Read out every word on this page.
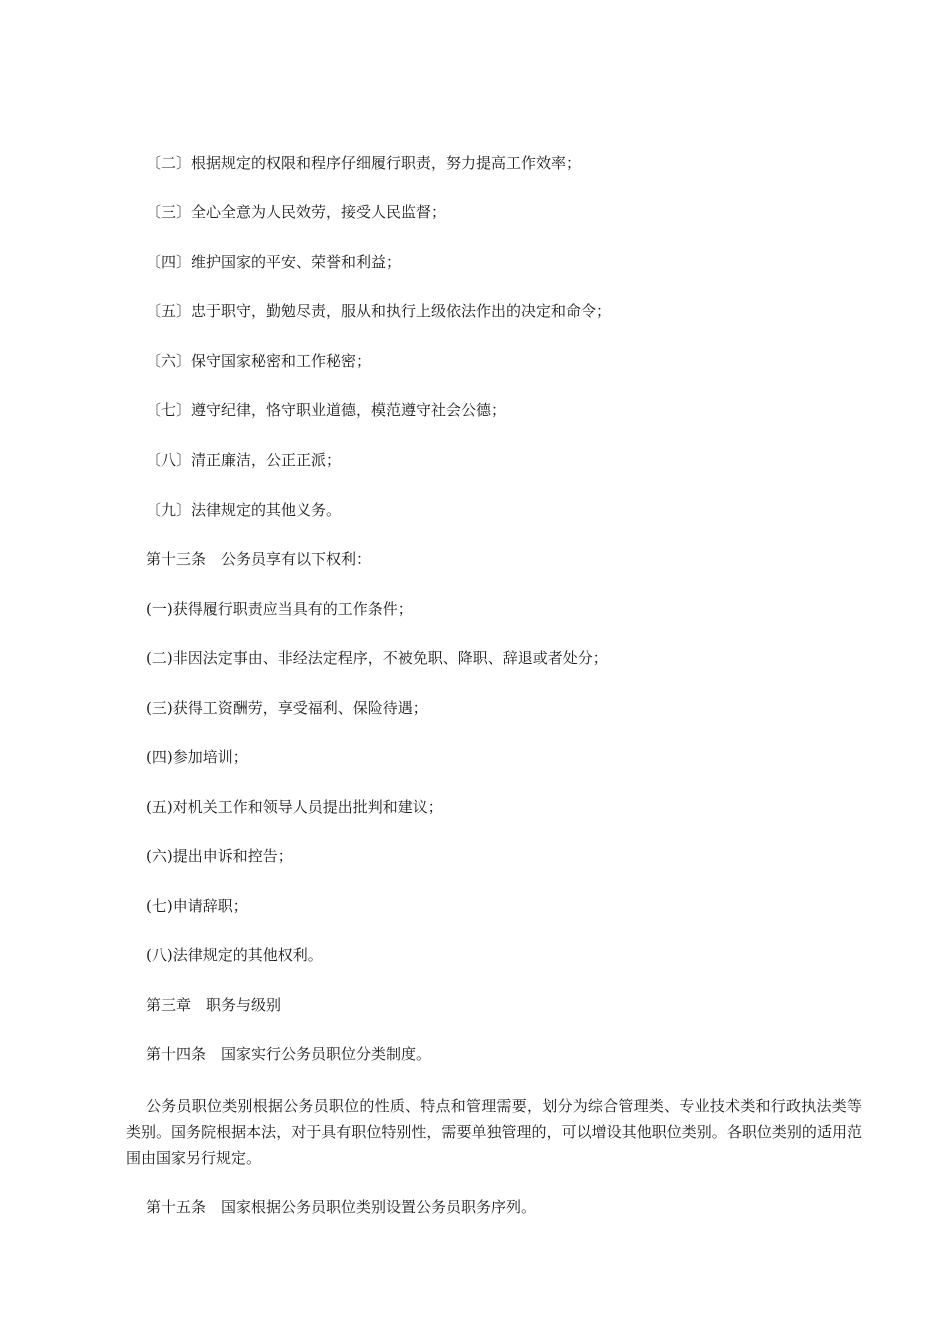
〔二〕根据规定的权限和程序仔细履行职责，努力提高工作效率；
〔三〕全心全意为人民效劳，接受人民监督；
〔四〕维护国家的平安、荣誉和利益；
〔五〕忠于职守，勤勉尽责，服从和执行上级依法作出的决定和命令；
〔六〕保守国家秘密和工作秘密；
〔七〕遵守纪律，恪守职业道德，模范遵守社会公德；
〔八〕清正廉洁，公正正派；
〔九〕法律规定的其他义务。
第十三条　公务员享有以下权利：
(一)获得履行职责应当具有的工作条件；
(二)非因法定事由、非经法定程序，不被免职、降职、辞退或者处分；
(三)获得工资酬劳，享受福利、保险待遇；
(四)参加培训；
(五)对机关工作和领导人员提出批判和建议；
(六)提出申诉和控告；
(七)申请辞职；
(八)法律规定的其他权利。
第三章　职务与级别
第十四条　国家实行公务员职位分类制度。
公务员职位类别根据公务员职位的性质、特点和管理需要，划分为综合管理类、专业技术类和行政执法类等类别。国务院根据本法，对于具有职位特别性，需要单独管理的，可以增设其他职位类别。各职位类别的适用范围由国家另行规定。
第十五条　国家根据公务员职位类别设置公务员职务序列。
